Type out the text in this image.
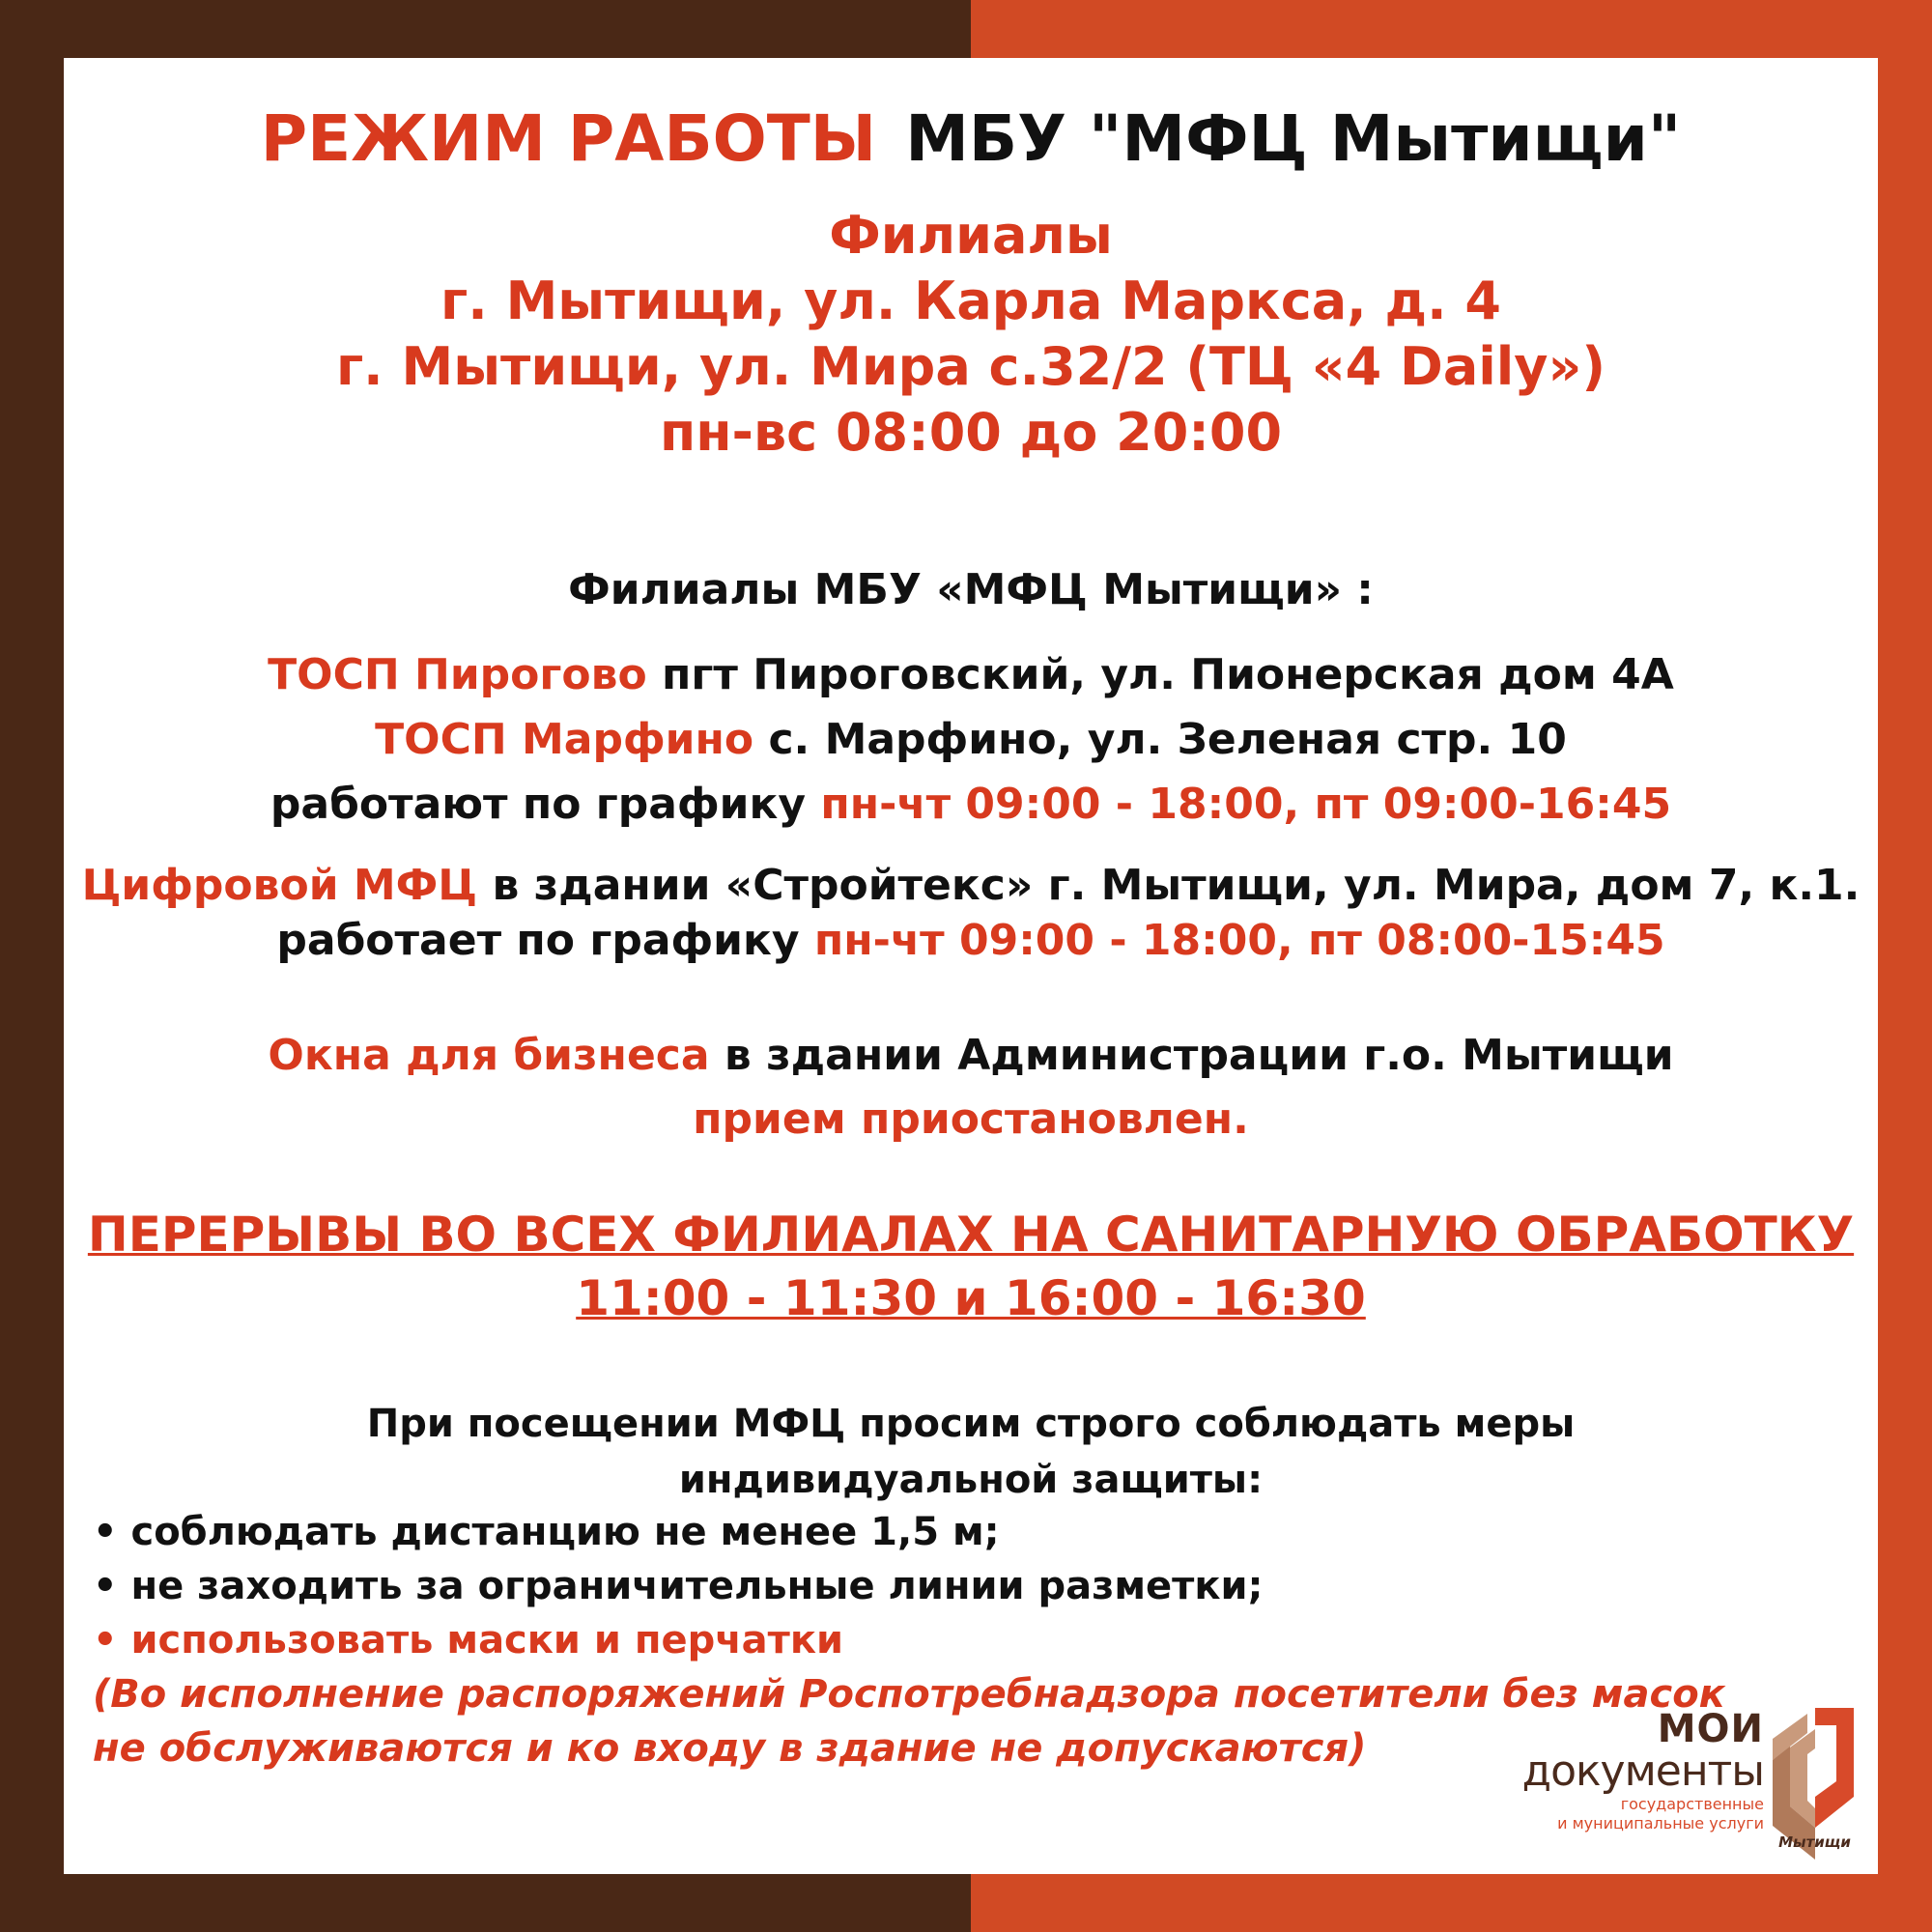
РЕЖИМ РАБОТЫ МБУ "МФЦ Мытищи"
Филиалы
г. Мытищи, ул. Карла Маркса, д. 4
г. Мытищи, ул. Мира с.32/2 (ТЦ «4 Daily»)
пн-вс 08:00 до 20:00
Филиалы МБУ «МФЦ Мытищи» :
ТОСП Пирогово пгт Пироговский, ул. Пионерская дом 4А
ТОСП Марфино с. Марфино, ул. Зеленая стр. 10
работают по графику пн-чт 09:00 - 18:00, пт 09:00-16:45
Цифровой МФЦ в здании «Стройтекс» г. Мытищи, ул. Мира, дом 7, к.1.
работает по графику пн-чт 09:00 - 18:00, пт 08:00-15:45
Окна для бизнеса в здании Администрации г.о. Мытищи
прием приостановлен.
ПЕРЕРЫВЫ ВО ВСЕХ ФИЛИАЛАХ НА САНИТАРНУЮ ОБРАБОТКУ
11:00 - 11:30 и 16:00 - 16:30
При посещении МФЦ просим строго соблюдать меры
индивидуальной защиты:
• соблюдать дистанцию не менее 1,5 м;
• не заходить за ограничительные линии разметки;
• использовать маски и перчатки
(Во исполнение распоряжений Роспотребнадзора посетители без масок
не обслуживаются и ко входу в здание не допускаются)	МОИ
документы
государственные
и муниципальные услуги
Мытищи
